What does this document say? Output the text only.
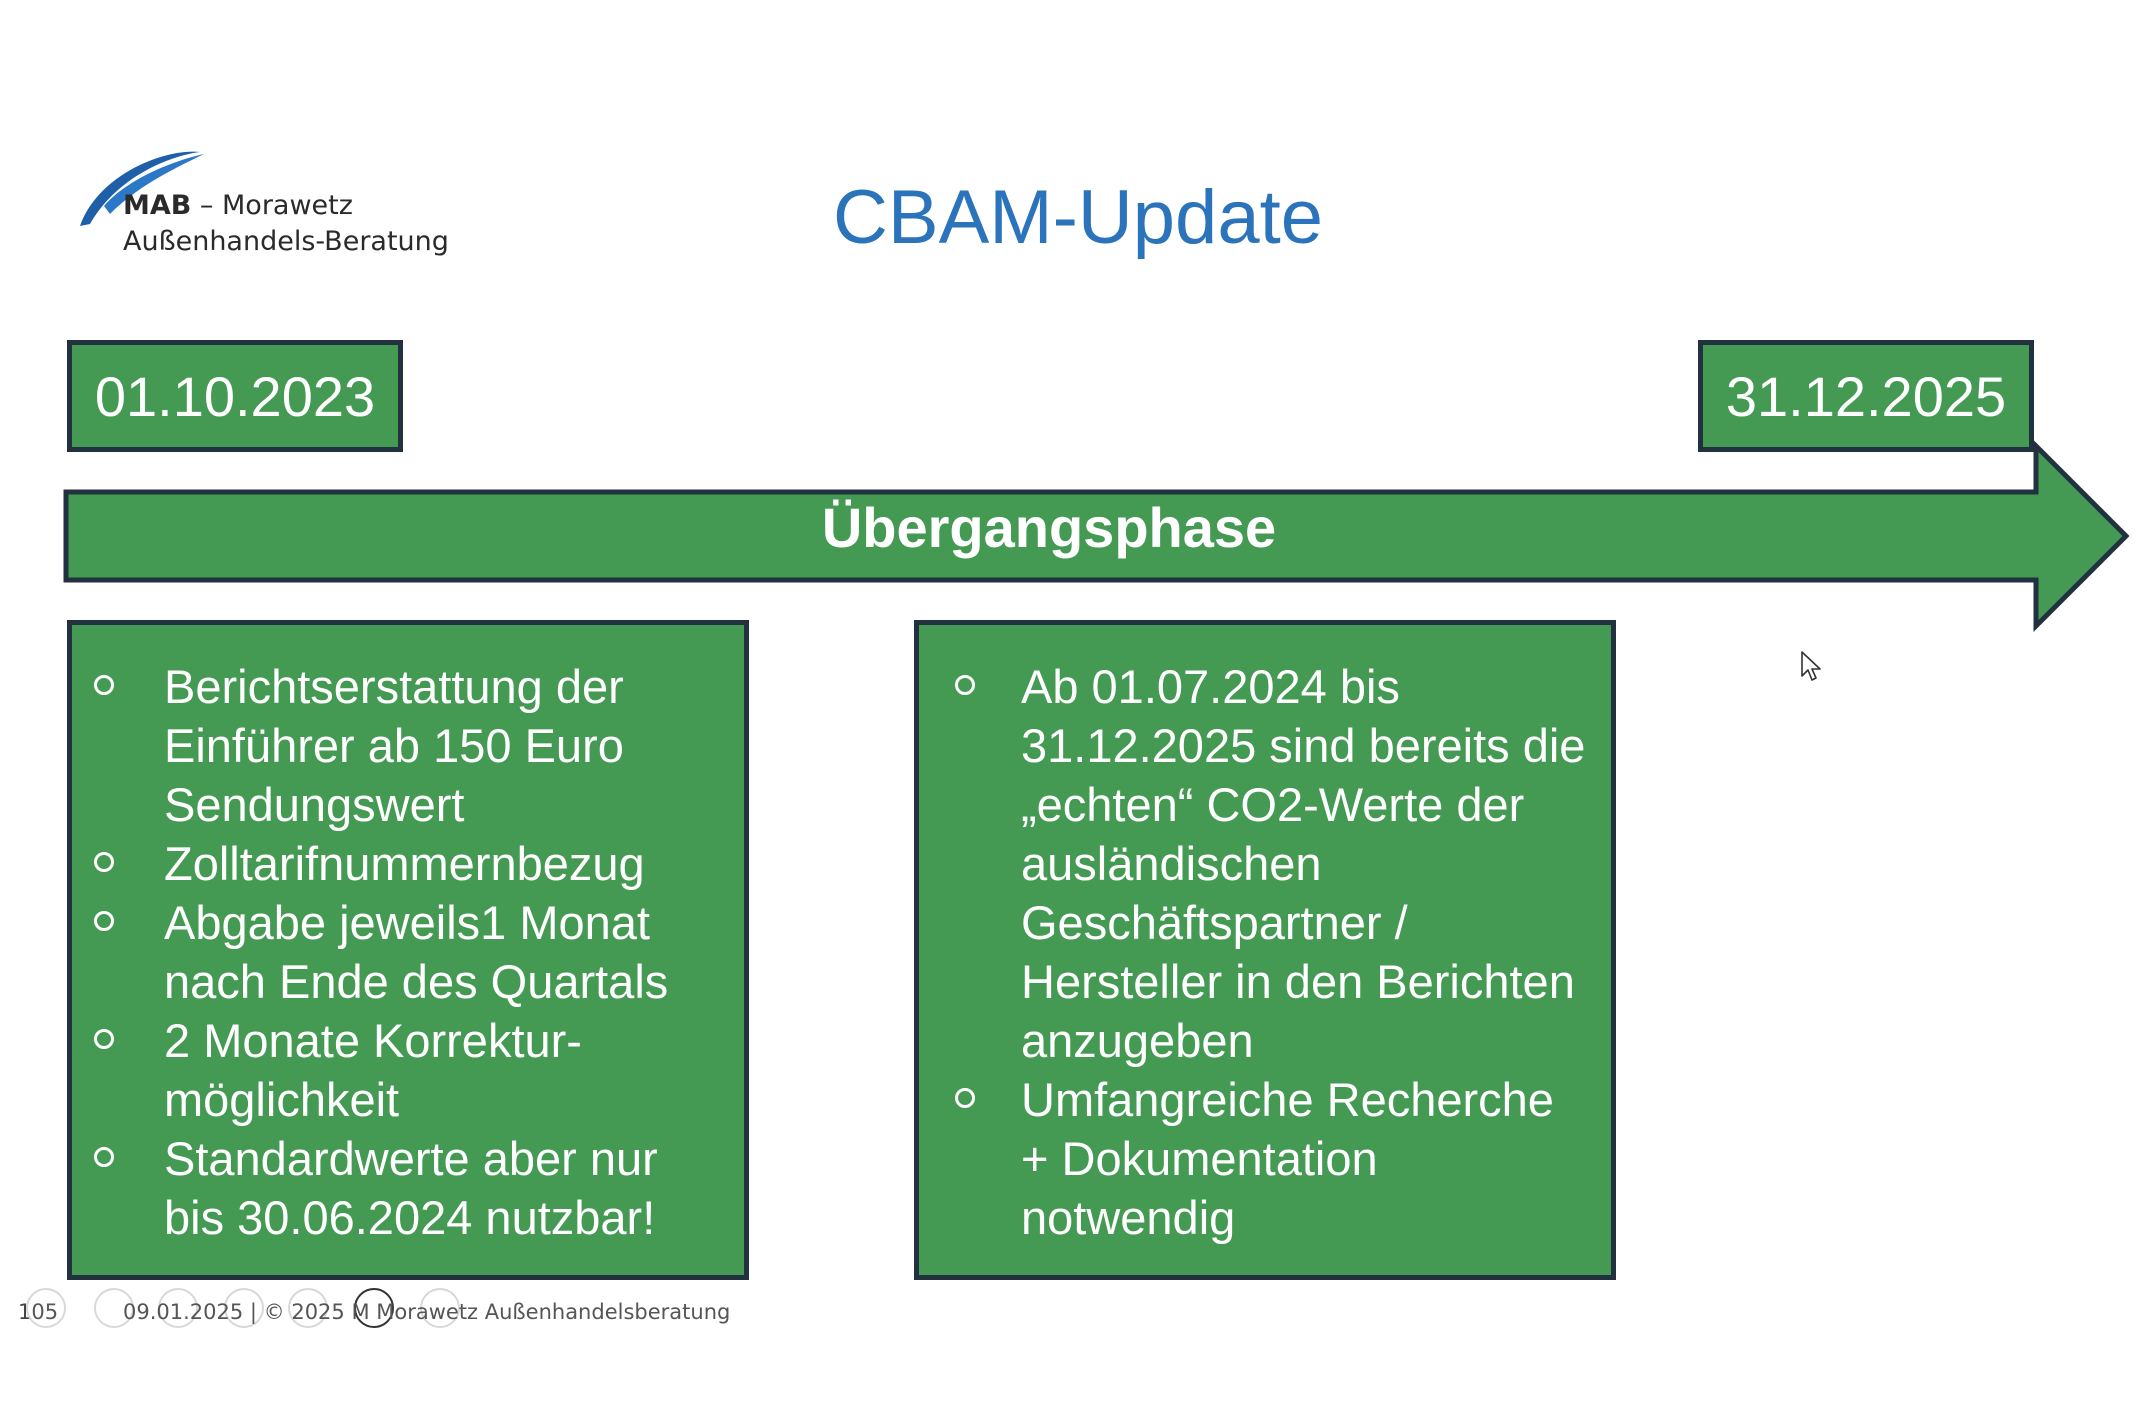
MAB – Morawetz
Außenhandels-Beratung	CBAM-Update
01.10.2023	31.12.2025
Übergangsphase
Berichtserstattung der Einführer ab 150 Euro Sendungswert
Zolltarifnummernbezug
Abgabe jeweils1 Monat nach Ende des Quartals
2 Monate Korrektur-möglichkeit
Standardwerte aber nur bis 30.06.2024 nutzbar!
Ab 01.07.2024 bis 31.12.2025 sind bereits die „echten“ CO2-Werte der ausländischen Geschäftspartner / Hersteller in den Berichten anzugeben
Umfangreiche Recherche + Dokumentation notwendig
105	09.01.2025 | © 2025 M Morawetz Außenhandelsberatung
